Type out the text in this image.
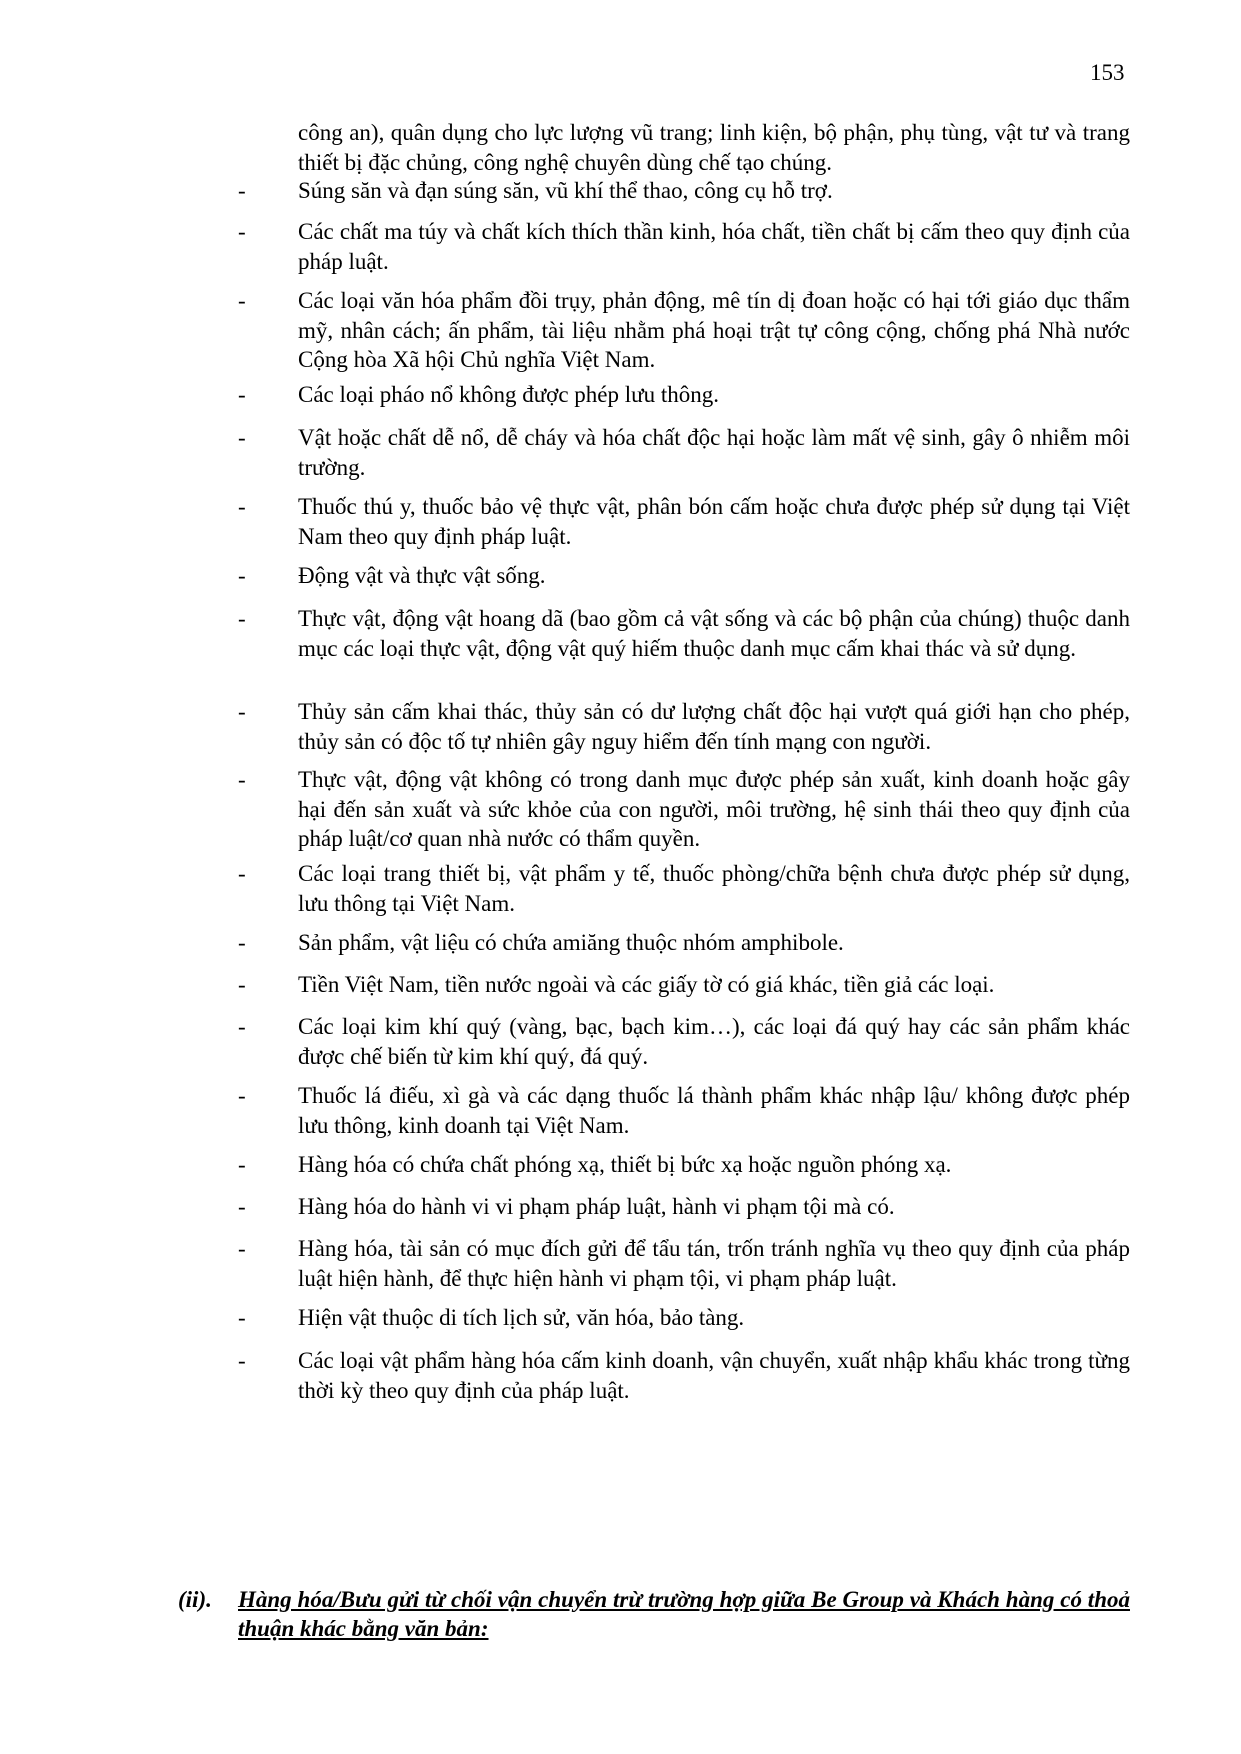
153

công an), quân dụng cho lực lượng vũ trang; linh kiện, bộ phận, phụ tùng, vật tư và trang thiết bị đặc chủng, công nghệ chuyên dùng chế tạo chúng.

- Súng săn và đạn súng săn, vũ khí thể thao, công cụ hỗ trợ.
- Các chất ma túy và chất kích thích thần kinh, hóa chất, tiền chất bị cấm theo quy định của pháp luật.
- Các loại văn hóa phẩm đồi trụy, phản động, mê tín dị đoan hoặc có hại tới giáo dục thẩm mỹ, nhân cách; ấn phẩm, tài liệu nhằm phá hoại trật tự công cộng, chống phá Nhà nước Cộng hòa Xã hội Chủ nghĩa Việt Nam.
- Các loại pháo nổ không được phép lưu thông.
- Vật hoặc chất dễ nổ, dễ cháy và hóa chất độc hại hoặc làm mất vệ sinh, gây ô nhiễm môi trường.
- Thuốc thú y, thuốc bảo vệ thực vật, phân bón cấm hoặc chưa được phép sử dụng tại Việt Nam theo quy định pháp luật.
- Động vật và thực vật sống.
- Thực vật, động vật hoang dã (bao gồm cả vật sống và các bộ phận của chúng) thuộc danh mục các loại thực vật, động vật quý hiếm thuộc danh mục cấm khai thác và sử dụng.
- Thủy sản cấm khai thác, thủy sản có dư lượng chất độc hại vượt quá giới hạn cho phép, thủy sản có độc tố tự nhiên gây nguy hiểm đến tính mạng con người.
- Thực vật, động vật không có trong danh mục được phép sản xuất, kinh doanh hoặc gây hại đến sản xuất và sức khỏe của con người, môi trường, hệ sinh thái theo quy định của pháp luật/cơ quan nhà nước có thẩm quyền.
- Các loại trang thiết bị, vật phẩm y tế, thuốc phòng/chữa bệnh chưa được phép sử dụng, lưu thông tại Việt Nam.
- Sản phẩm, vật liệu có chứa amiăng thuộc nhóm amphibole.
- Tiền Việt Nam, tiền nước ngoài và các giấy tờ có giá khác, tiền giả các loại.
- Các loại kim khí quý (vàng, bạc, bạch kim…), các loại đá quý hay các sản phẩm khác được chế biến từ kim khí quý, đá quý.
- Thuốc lá điếu, xì gà và các dạng thuốc lá thành phẩm khác nhập lậu/ không được phép lưu thông, kinh doanh tại Việt Nam.
- Hàng hóa có chứa chất phóng xạ, thiết bị bức xạ hoặc nguồn phóng xạ.
- Hàng hóa do hành vi vi phạm pháp luật, hành vi phạm tội mà có.
- Hàng hóa, tài sản có mục đích gửi để tẩu tán, trốn tránh nghĩa vụ theo quy định của pháp luật hiện hành, để thực hiện hành vi phạm tội, vi phạm pháp luật.
- Hiện vật thuộc di tích lịch sử, văn hóa, bảo tàng.
- Các loại vật phẩm hàng hóa cấm kinh doanh, vận chuyển, xuất nhập khẩu khác trong từng thời kỳ theo quy định của pháp luật.
(ii). Hàng hóa/Bưu gửi từ chối vận chuyển trừ trường hợp giữa Be Group và Khách hàng có thoả thuận khác bằng văn bản:
